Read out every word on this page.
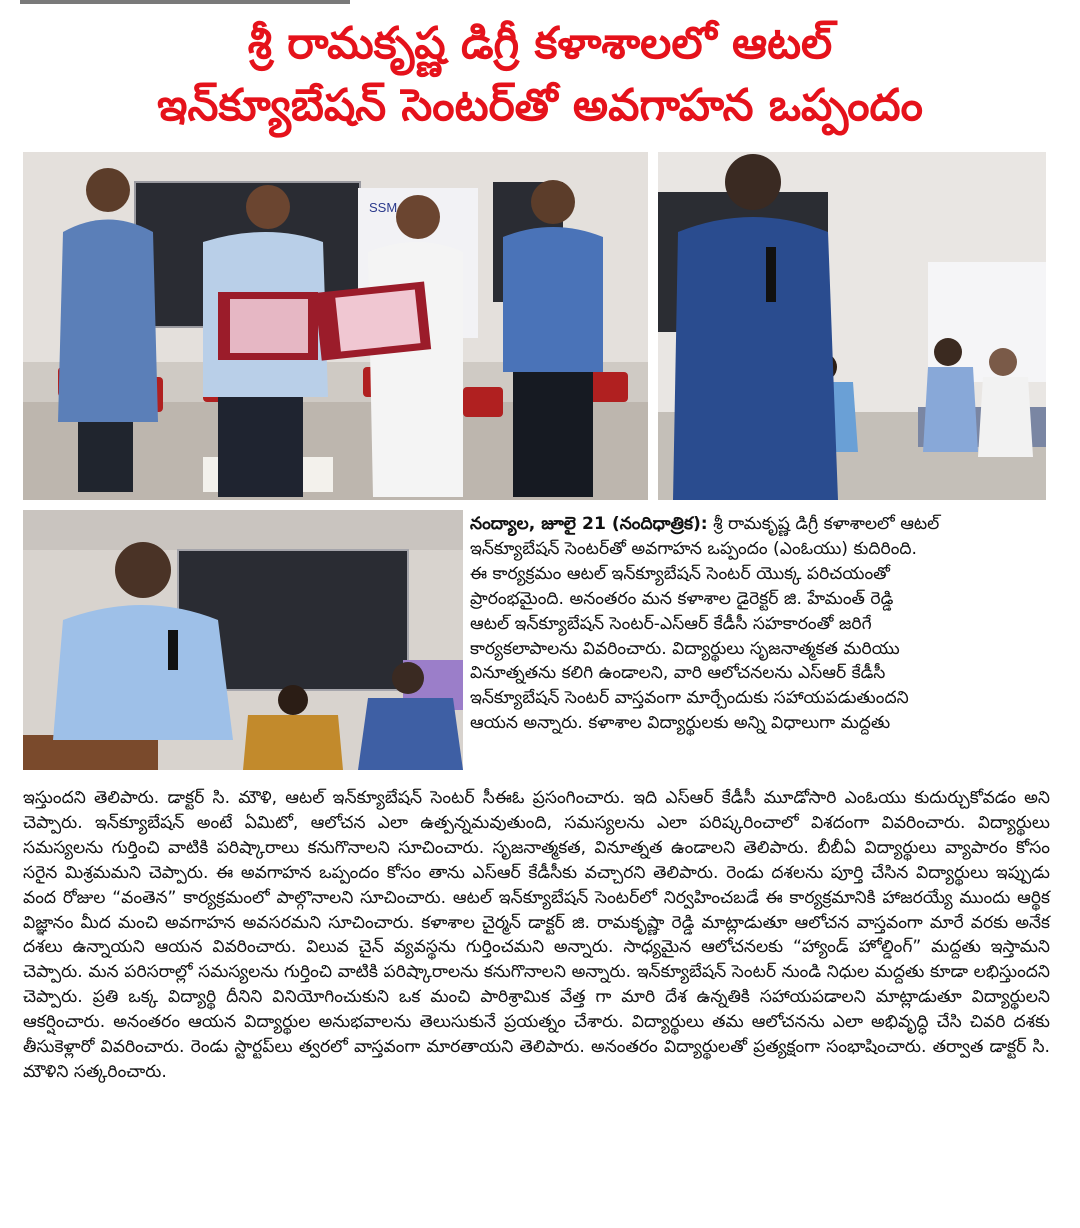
శ్రీ రామకృష్ణ డిగ్రీ కళాశాలలో ఆటల్
ఇన్‌క్యూబేషన్ సెంటర్‌తో అవగాహన ఒప్పందం
SSM

నంద్యాల, జూలై 21 (నందిధాత్రిక): శ్రీ రామకృష్ణ డిగ్రీ కళాశాలలో ఆటల్

ఇన్‌క్యూబేషన్ సెంటర్‌తో అవగాహన ఒప్పందం (ఎంఓయు) కుదిరింది.

ఈ కార్యక్రమం ఆటల్ ఇన్‌క్యూబేషన్ సెంటర్ యొక్క పరిచయంతో

ప్రారంభమైంది. అనంతరం మన కళాశాల డైరెక్టర్ జి. హేమంత్ రెడ్డి

ఆటల్ ఇన్‌క్యూబేషన్ సెంటర్-ఎస్ఆర్ కేడీసీ సహకారంతో జరిగే

కార్యకలాపాలను వివరించారు. విద్యార్థులు సృజనాత్మకత మరియు

వినూత్నతను కలిగి ఉండాలని, వారి ఆలోచనలను ఎస్ఆర్ కేడీసీ

ఇన్‌క్యూబేషన్ సెంటర్ వాస్తవంగా మార్చేందుకు సహాయపడుతుందని

ఆయన అన్నారు. కళాశాల విద్యార్థులకు అన్ని విధాలుగా మద్దతు

ఇస్తుందని తెలిపారు. డాక్టర్ సి. మౌళి, ఆటల్ ఇన్‌క్యూబేషన్ సెంటర్ సీఈఓ ప్రసంగించారు. ఇది ఎస్ఆర్ కేడీసీ మూడోసారి ఎంఓయు కుదుర్చుకోవడం అని చెప్పారు. ఇన్‌క్యూబేషన్ అంటే ఏమిటో, ఆలోచన ఎలా ఉత్పన్నమవుతుంది, సమస్యలను ఎలా పరిష్కరించాలో విశదంగా వివరించారు. విద్యార్థులు సమస్యలను గుర్తించి వాటికి పరిష్కారాలు కనుగొనాలని సూచించారు. సృజనాత్మకత, వినూత్నత ఉండాలని తెలిపారు. బీబీఏ విద్యార్థులు వ్యాపారం కోసం సరైన మిశ్రమమని చెప్పారు. ఈ అవగాహన ఒప్పందం కోసం తాను ఎస్ఆర్ కేడీసీకు వచ్చారని తెలిపారు. రెండు దశలను పూర్తి చేసిన విద్యార్థులు ఇప్పుడు వంద రోజుల “వంతెన” కార్యక్రమంలో పాల్గొనాలని సూచించారు. ఆటల్ ఇన్‌క్యూబేషన్ సెంటర్‌లో నిర్వహించబడే ఈ కార్యక్రమానికి హాజరయ్యే ముందు ఆర్థిక విజ్ఞానం మీద మంచి అవగాహన అవసరమని సూచించారు. కళాశాల చైర్మన్ డాక్టర్ జి. రామకృష్ణా రెడ్డి మాట్లాడుతూ ఆలోచన వాస్తవంగా మారే వరకు అనేక దశలు ఉన్నాయని ఆయన వివరించారు. విలువ చైన్ వ్యవస్థను గుర్తించమని అన్నారు. సాధ్యమైన ఆలోచనలకు “హ్యాండ్ హోల్డింగ్” మద్దతు ఇస్తామని చెప్పారు. మన పరిసరాల్లో సమస్యలను గుర్తించి వాటికి పరిష్కారాలను కనుగొనాలని అన్నారు. ఇన్‌క్యూబేషన్ సెంటర్ నుండి నిధుల మద్దతు కూడా లభిస్తుందని చెప్పారు. ప్రతి ఒక్క విద్యార్థి దీనిని వినియోగించుకుని ఒక మంచి పారిశ్రామిక వేత్త గా మారి దేశ ఉన్నతికి సహాయపడాలని మాట్లాడుతూ విద్యార్థులని ఆకర్షించారు. అనంతరం ఆయన విద్యార్థుల అనుభవాలను తెలుసుకునే ప్రయత్నం చేశారు. విద్యార్థులు తమ ఆలోచనను ఎలా అభివృద్ధి చేసి చివరి దశకు తీసుకెళ్లారో వివరించారు. రెండు స్టార్టప్‌లు త్వరలో వాస్తవంగా మారతాయని తెలిపారు. అనంతరం విద్యార్థులతో ప్రత్యక్షంగా సంభాషించారు. తర్వాత డాక్టర్ సి. మౌళిని సత్కరించారు.
